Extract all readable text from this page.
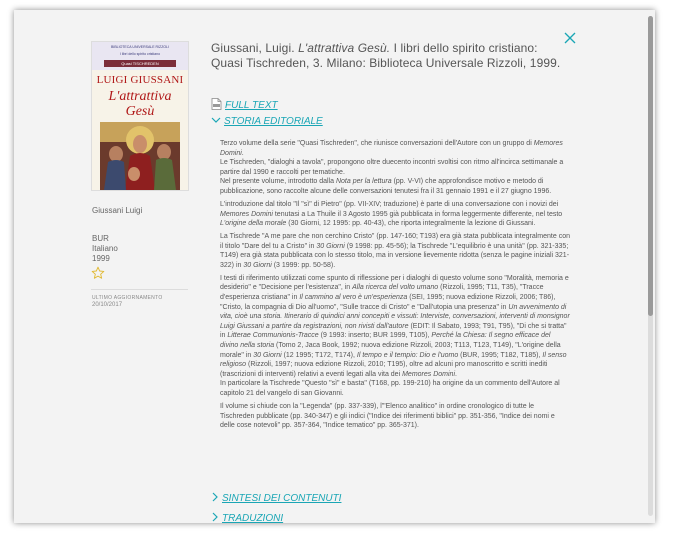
BIBLIOTECA UNIVERSALE RIZZOLI
I libri dello spirito cristiano
Quasi TISCHREDEN
LUIGI GIUSSANI
L'attrattiva
Gesù
Giussani Luigi
BUR
Italiano
1999
ULTIMO AGGIORNAMENTO
20/10/2017
Giussani, Luigi. L'attrattiva Gesù. I libri dello spirito cristiano: Quasi Tischreden, 3. Milano: Biblioteca Universale Rizzoli, 1999.
FULL TEXT
STORIA EDITORIALE

Terzo volume della serie "Quasi Tischreden", che riunisce conversazioni dell'Autore con un gruppo di Memores Domini.
Le Tischreden, "dialoghi a tavola", propongono oltre duecento incontri svoltisi con ritmo all'incirca settimanale a partire dal 1990 e raccolti per tematiche.
Nel presente volume, introdotto dalla Nota per la lettura (pp. V-VI) che approfondisce motivo e metodo di pubblicazione, sono raccolte alcune delle conversazioni tenutesi fra il 31 gennaio 1991 e il 27 giugno 1996.

L'introduzione dal titolo "Il "sì" di Pietro" (pp. VII-XIV; traduzione) è parte di una conversazione con i novizi dei Memores Domini tenutasi a La Thuile il 3 Agosto 1995 già pubblicata in forma leggermente differente, nel testo L'origine della morale (30 Giorni, 12 1995: pp. 40-43), che riporta integralmente la lezione di Giussani.

La Tischrede "A me pare che non cerchino Cristo" (pp. 147-160; T193) era già stata pubblicata integralmente con il titolo "Dare del tu a Cristo" in 30 Giorni (9 1998: pp. 45-56); la Tischrede "L'equilibrio è una unità" (pp. 321-335; T149) era già stata pubblicata con lo stesso titolo, ma in versione lievemente ridotta (senza le pagine iniziali 321-322) in 30 Giorni (3 1999: pp. 50-58).

I testi di riferimento utilizzati come spunto di riflessione per i dialoghi di questo volume sono "Moralità, memoria e desiderio" e "Decisione per l'esistenza", in Alla ricerca del volto umano (Rizzoli, 1995; T11, T35), "Tracce d'esperienza cristiana" in Il cammino al vero è un'esperienza (SEI, 1995; nuova edizione Rizzoli, 2006; T86), "Cristo, la compagnia di Dio all'uomo", "Sulle tracce di Cristo" e "Dall'utopia una presenza" in Un avvenimento di vita, cioè una storia. Itinerario di quindici anni concepiti e vissuti: Interviste, conversazioni, interventi di monsignor Luigi Giussani a partire da registrazioni, non rivisti dall'autore (EDIT: Il Sabato, 1993; T91, T95), "Di che si tratta" in Litterae Communionis-Tracce (9 1993: inserto; BUR 1999, T105), Perché la Chiesa: Il segno efficace del divino nella storia (Tomo 2, Jaca Book, 1992; nuova edizione Rizzoli, 2003; T113, T123, T149), "L'origine della morale" in 30 Giorni (12 1995; T172, T174), Il tempo e il tempio: Dio e l'uomo (BUR, 1995; T182, T185), Il senso religioso (Rizzoli, 1997; nuova edizione Rizzoli, 2010; T195), oltre ad alcuni pro manoscritto e scritti inediti (trascrizioni di interventi) relativi a eventi legati alla vita dei Memores Domini.
In particolare la Tischrede "Questo "sì" e basta" (T168, pp. 199-210) ha origine da un commento dell'Autore al capitolo 21 del vangelo di san Giovanni.

Il volume si chiude con la "Legenda" (pp. 337-339), l'"Elenco analitico" in ordine cronologico di tutte le Tischreden pubblicate (pp. 340-347) e gli indici ("Indice dei riferimenti biblici" pp. 351-356, "Indice dei nomi e delle cose notevoli" pp. 357-364, "Indice tematico" pp. 365-371).

SINTESI DEI CONTENUTI
TRADUZIONI
